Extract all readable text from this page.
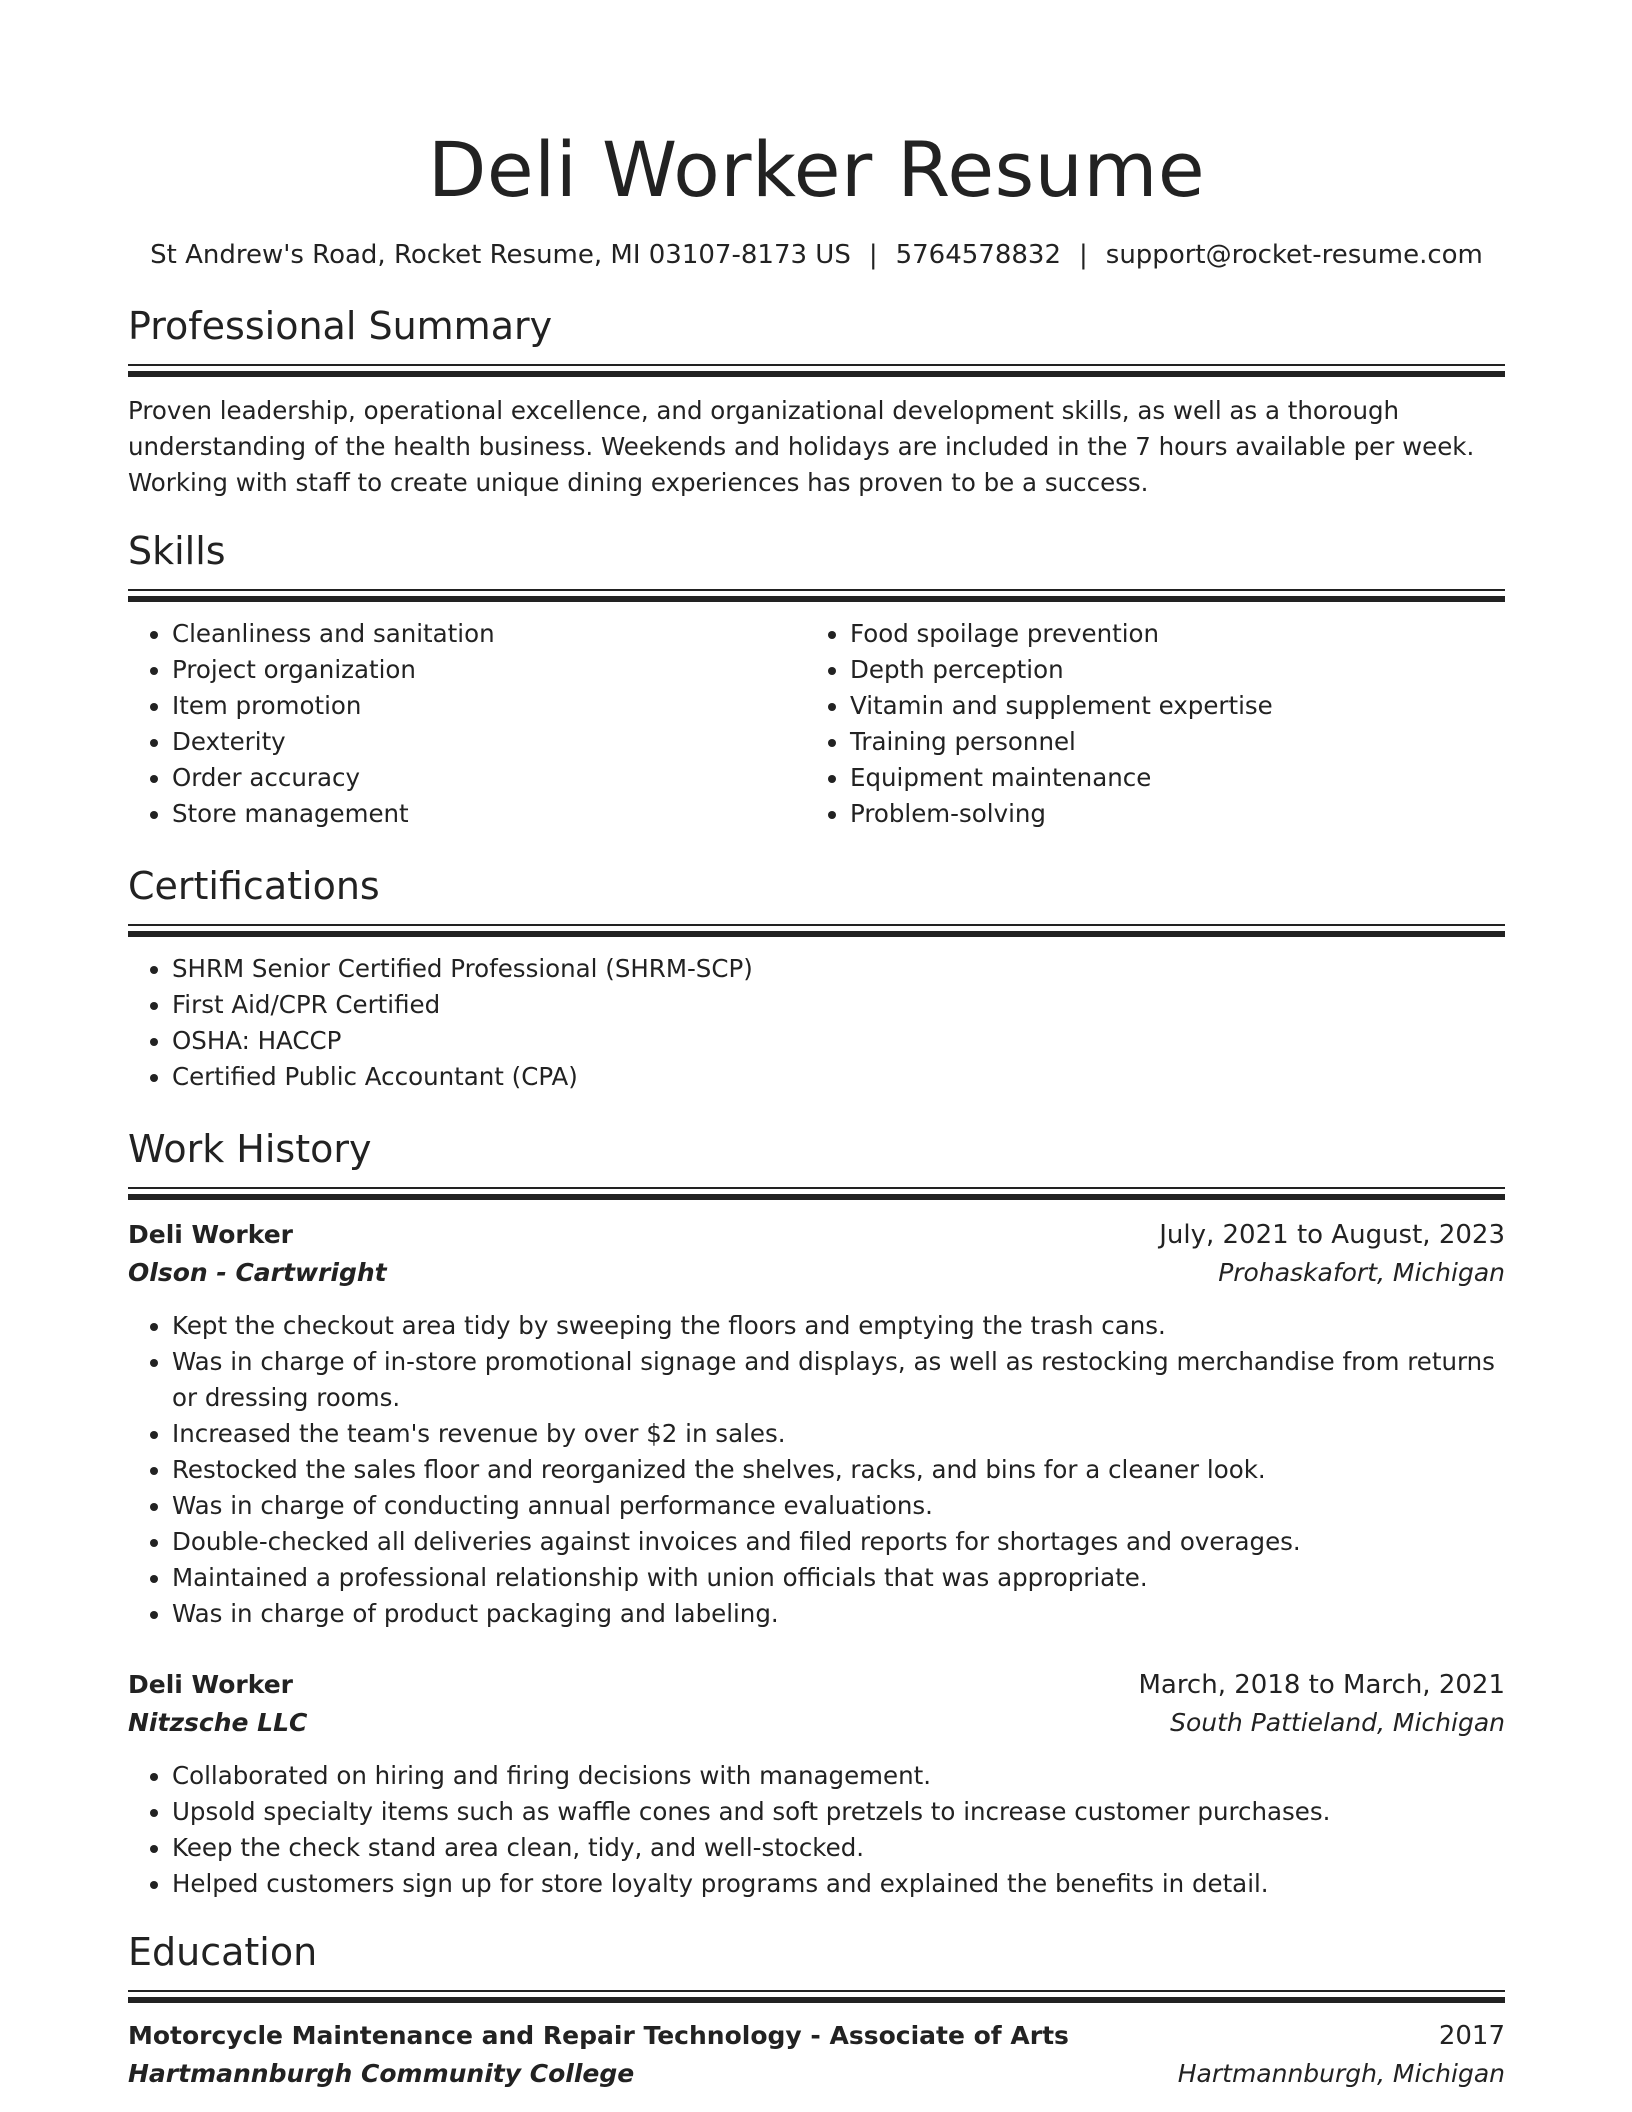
Deli Worker Resume
St Andrew's Road, Rocket Resume, MI 03107-8173 US | 5764578832 | support@rocket-resume.com
Professional Summary

Proven leadership, operational excellence, and organizational development skills, as well as a thorough understanding of the health business. Weekends and holidays are included in the 7 hours available per week. Working with staff to create unique dining experiences has proven to be a success.

Skills
• Cleanliness and sanitation
• Project organization
• Item promotion
• Dexterity
• Order accuracy
• Store management
• Food spoilage prevention
• Depth perception
• Vitamin and supplement expertise
• Training personnel
• Equipment maintenance
• Problem-solving
Certifications
• SHRM Senior Certified Professional (SHRM-SCP)
• First Aid/CPR Certified
• OSHA: HACCP
• Certified Public Accountant (CPA)
Work History
Deli Worker	July, 2021 to August, 2023
Olson - Cartwright	Prohaskafort, Michigan
• Kept the checkout area tidy by sweeping the floors and emptying the trash cans.
• Was in charge of in-store promotional signage and displays, as well as restocking merchandise from returns or dressing rooms.
• Increased the team's revenue by over $2 in sales.
• Restocked the sales floor and reorganized the shelves, racks, and bins for a cleaner look.
• Was in charge of conducting annual performance evaluations.
• Double-checked all deliveries against invoices and filed reports for shortages and overages.
• Maintained a professional relationship with union officials that was appropriate.
• Was in charge of product packaging and labeling.
Deli Worker	March, 2018 to March, 2021
Nitzsche LLC	South Pattieland, Michigan
• Collaborated on hiring and firing decisions with management.
• Upsold specialty items such as waffle cones and soft pretzels to increase customer purchases.
• Keep the check stand area clean, tidy, and well-stocked.
• Helped customers sign up for store loyalty programs and explained the benefits in detail.
Education
Motorcycle Maintenance and Repair Technology - Associate of Arts	2017
Hartmannburgh Community College	Hartmannburgh, Michigan
